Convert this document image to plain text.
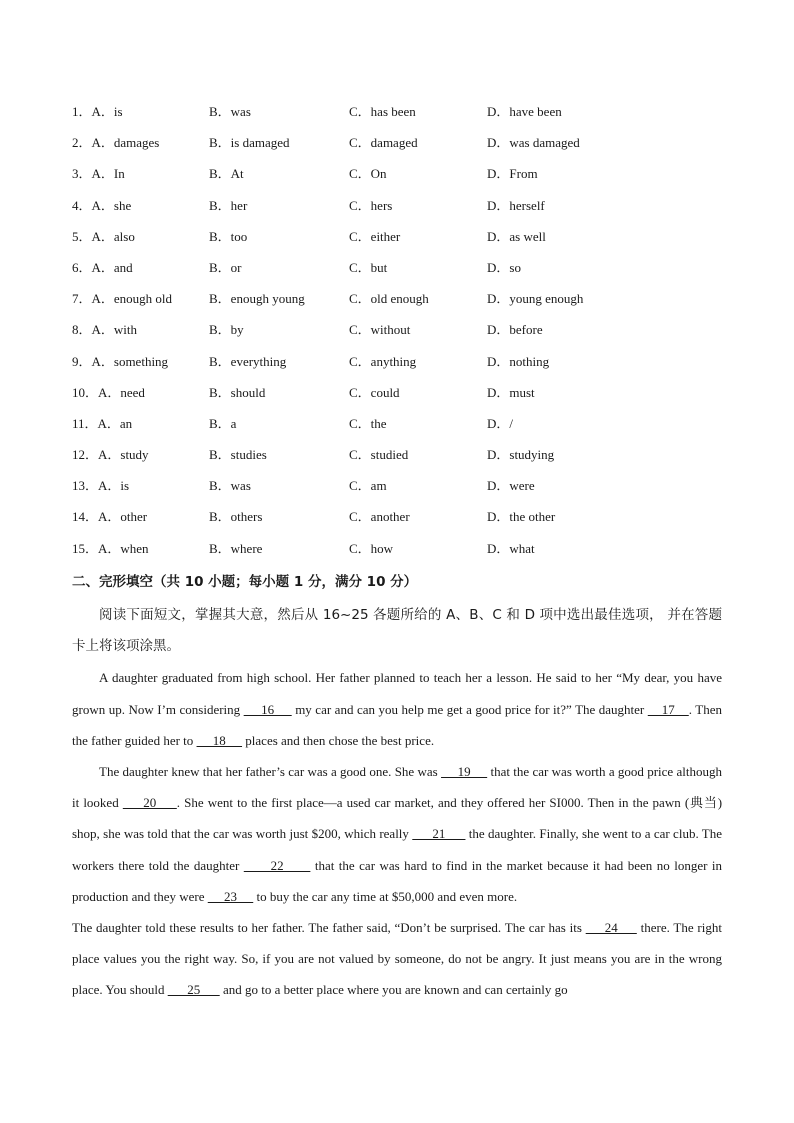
1．A．is	B．was	C．has been	D．have been
2．A．damages	B．is damaged	C．damaged	D．was damaged
3．A．In	B．At	C．On	D．From
4．A．she	B．her	C．hers	D．herself
5．A．also	B．too	C．either	D．as well
6．A．and	B．or	C．but	D．so
7．A．enough old	B．enough young	C．old enough	D．young enough
8．A．with	B．by	C．without	D．before
9．A．something	B．everything	C．anything	D．nothing
10．A．need	B．should	C．could	D．must
11．A．an	B．a	C．the	D．/
12．A．study	B．studies	C．studied	D．studying
13．A．is	B．was	C．am	D．were
14．A．other	B．others	C．another	D．the other
15．A．when	B．where	C．how	D．what
二、完形填空（共 10 小题；每小题 1 分，满分 10 分）

阅读下面短文，掌握其大意，然后从 16~25 各题所给的 A、B、C 和 D 项中选出最佳选项， 并在答题卡上将该项涂黑。

A daughter graduated from high school. Her father planned to teach her a lesson. He said to her “My dear, you have grown up. Now I’m considering      16      my car and can you help me get a good price for it?” The daughter     17    . Then the father guided her to      18      places and then chose the best price.

The daughter knew that her father’s car was a good one. She was      19      that the car was worth a good price although it looked      20     . She went to the first place—a used car market, and they offered her SI000. Then in the pawn (典当) shop, she was told that the car was worth just $200, which really       21       the daughter. Finally, she went to a car club. The workers there told the daughter       22       that the car was hard to find in the market because it had been no longer in production and they were      23      to buy the car any time at $50,000 and even more.

The daughter told these results to her father. The father said, “Don’t be surprised. The car has its      24      there. The right place values you the right way. So, if you are not valued by someone, do not be angry. It just means you are in the wrong place. You should       25       and go to a better place where you are known and can certainly go
